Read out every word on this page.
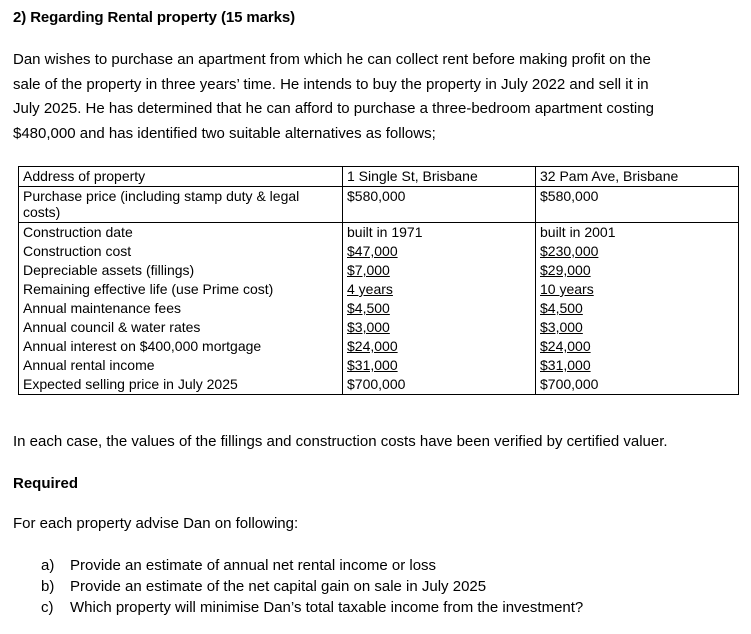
2) Regarding Rental property (15 marks)
Dan wishes to purchase an apartment from which he can collect rent before making profit on the
sale of the property in three years’ time. He intends to buy the property in July 2022 and sell it in
July 2025. He has determined that he can afford to purchase a three-bedroom apartment costing
$480,000 and has identified two suitable alternatives as follows;
Address of property	1 Single St, Brisbane	32 Pam Ave, Brisbane
Purchase price (including stamp duty & legal costs)	$580,000	$580,000
Construction date	built in 1971	built in 2001
Construction cost	$47,000	$230,000
Depreciable assets (fillings)	$7,000	$29,000
Remaining effective life (use Prime cost)	4 years	10 years
Annual maintenance fees	$4,500	$4,500
Annual council & water rates	$3,000	$3,000
Annual interest on $400,000 mortgage	$24,000	$24,000
Annual rental income	$31,000	$31,000
Expected selling price in July 2025	$700,000	$700,000
In each case, the values of the fillings and construction costs have been verified by certified valuer.
Required
For each property advise Dan on following:
a)	Provide an estimate of annual net rental income or loss
b)	Provide an estimate of the net capital gain on sale in July 2025
c)	Which property will minimise Dan’s total taxable income from the investment?
